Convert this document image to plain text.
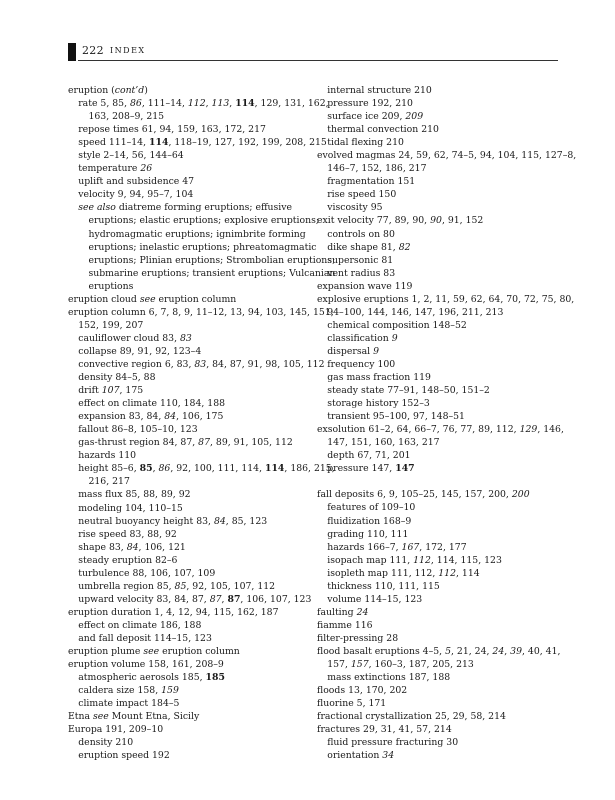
222 INDEX
eruption (cont’d)
rate 5, 85, 86, 111–14, 112, 113, 114, 129, 131, 162,
163, 208–9, 215
repose times 61, 94, 159, 163, 172, 217
speed 111–14, 114, 118–19, 127, 192, 199, 208, 215
style 2–14, 56, 144–64
temperature 26
uplift and subsidence 47
velocity 9, 94, 95–7, 104
see also diatreme forming eruptions; effusive
eruptions; elastic eruptions; explosive eruptions;
hydromagmatic eruptions; ignimbrite forming
eruptions; inelastic eruptions; phreatomagmatic
eruptions; Plinian eruptions; Strombolian eruptions;
submarine eruptions; transient eruptions; Vulcanian
eruptions
eruption cloud see eruption column
eruption column 6, 7, 8, 9, 11–12, 13, 94, 103, 145, 151,
152, 199, 207
cauliflower cloud 83, 83
collapse 89, 91, 92, 123–4
convective region 6, 83, 83, 84, 87, 91, 98, 105, 112
density 84–5, 88
drift 107, 175
effect on climate 110, 184, 188
expansion 83, 84, 84, 106, 175
fallout 86–8, 105–10, 123
gas-thrust region 84, 87, 87, 89, 91, 105, 112
hazards 110
height 85–6, 85, 86, 92, 100, 111, 114, 114, 186, 215,
216, 217
mass flux 85, 88, 89, 92
modeling 104, 110–15
neutral buoyancy height 83, 84, 85, 123
rise speed 83, 88, 92
shape 83, 84, 106, 121
steady eruption 82–6
turbulence 88, 106, 107, 109
umbrella region 85, 85, 92, 105, 107, 112
upward velocity 83, 84, 87, 87, 87, 106, 107, 123
eruption duration 1, 4, 12, 94, 115, 162, 187
effect on climate 186, 188
and fall deposit 114–15, 123
eruption plume see eruption column
eruption volume 158, 161, 208–9
atmospheric aerosols 185, 185
caldera size 158, 159
climate impact 184–5
Etna see Mount Etna, Sicily
Europa 191, 209–10
density 210
eruption speed 192
internal structure 210
pressure 192, 210
surface ice 209, 209
thermal convection 210
tidal flexing 210
evolved magmas 24, 59, 62, 74–5, 94, 104, 115, 127–8,
146–7, 152, 186, 217
fragmentation 151
rise speed 150
viscosity 95
exit velocity 77, 89, 90, 90, 91, 152
controls on 80
dike shape 81, 82
supersonic 81
vent radius 83
expansion wave 119
explosive eruptions 1, 2, 11, 59, 62, 64, 70, 72, 75, 80,
94–100, 144, 146, 147, 196, 211, 213
chemical composition 148–52
classification 9
dispersal 9
frequency 100
gas mass fraction 119
steady state 77–91, 148–50, 151–2
storage history 152–3
transient 95–100, 97, 148–51
exsolution 61–2, 64, 66–7, 76, 77, 89, 112, 129, 146,
147, 151, 160, 163, 217
depth 67, 71, 201
pressure 147, 147
fall deposits 6, 9, 105–25, 145, 157, 200, 200
features of 109–10
fluidization 168–9
grading 110, 111
hazards 166–7, 167, 172, 177
isopach map 111, 112, 114, 115, 123
isopleth map 111, 112, 112, 114
thickness 110, 111, 115
volume 114–15, 123
faulting 24
fiamme 116
filter-pressing 28
flood basalt eruptions 4–5, 5, 21, 24, 24, 39, 40, 41,
157, 157, 160–3, 187, 205, 213
mass extinctions 187, 188
floods 13, 170, 202
fluorine 5, 171
fractional crystallization 25, 29, 58, 214
fractures 29, 31, 41, 57, 214
fluid pressure fracturing 30
orientation 34
